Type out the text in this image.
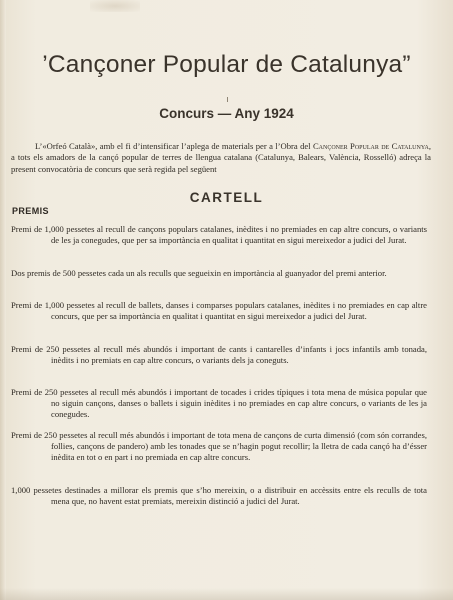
’Cançoner Popular de Catalunya”
Concurs — Any 1924
L’«Orfeó Català», amb el fi d’intensificar l’aplega de materials per a l’Obra del Cançoner Popular de Catalunya, a tots els amadors de la cançó popular de terres de llengua catalana (Catalunya, Balears, València, Rosselló) adreça la present convocatòria de concurs que serà regida pel següent
CARTELL
PREMIS
Premi de 1,000 pessetes al recull de cançons populars catalanes, inèdites i no premiades en cap altre concurs, o variants de les ja conegudes, que per sa importància en qualitat i quantitat en sigui mereixedor a judici del Jurat.
Dos premis de 500 pessetes cada un als reculls que segueixin en importància al guanyador del premi anterior.
Premi de 1,000 pessetes al recull de ballets, danses i comparses populars catalanes, inèdites i no premiades en cap altre concurs, que per sa importància en qualitat i quantitat en sigui mereixedor a judici del Jurat.
Premi de 250 pessetes al recull més abundós i important de cants i cantarelles d’infants i jocs infantils amb tonada, inèdits i no premiats en cap altre concurs, o variants dels ja coneguts.
Premi de 250 pessetes al recull més abundós i important de tocades i crides típiques i tota mena de música popular que no siguin cançons, danses o ballets i siguin inèdites i no premiades en cap altre concurs, o variants de les ja conegudes.
Premi de 250 pessetes al recull més abundós i important de tota mena de cançons de curta dimensió (com són corrandes, follies, cançons de pandero) amb les tonades que se n’hagin pogut recollir; la lletra de cada cançó ha d’ésser inèdita en tot o en part i no premiada en cap altre concurs.
1,000 pessetes destinades a millorar els premis que s’ho mereixin, o a distribuir en accèssits entre els reculls de tota mena que, no havent estat premiats, mereixin distinció a judici del Jurat.
